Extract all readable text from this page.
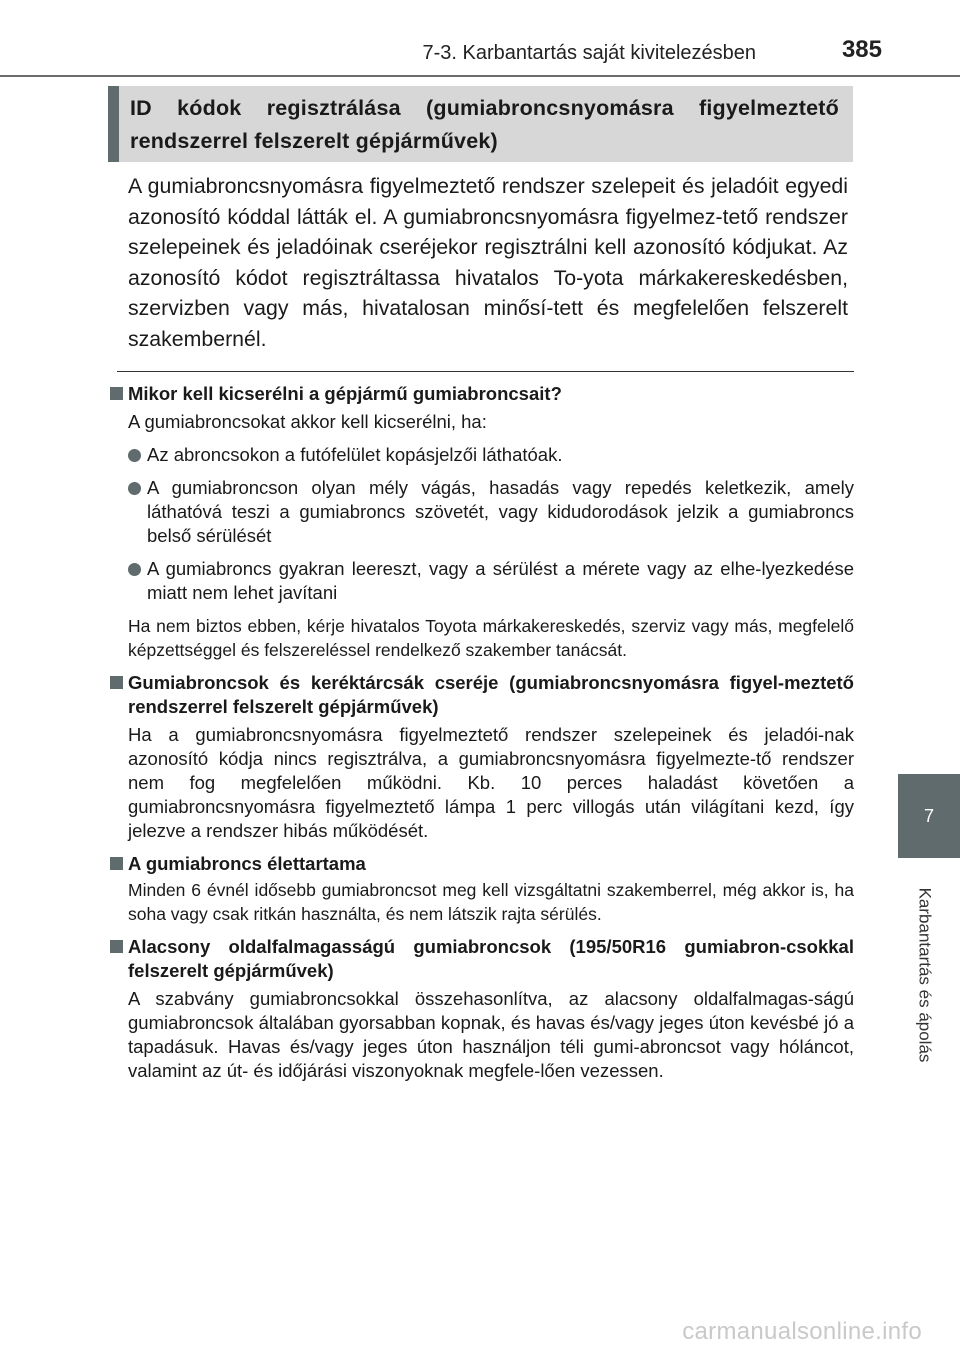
7-3. Karbantartás saját kivitelezésben	385
7
Karbantartás és ápolás

ID kódok regisztrálása (gumiabroncsnyomásra figyelmeztető rendszerrel felszerelt gépjárművek)

A gumiabroncsnyomásra figyelmeztető rendszer szelepeit és jeladóit egyedi azonosító kóddal látták el. A gumiabroncsnyomásra figyelmez-tető rendszer szelepeinek és jeladóinak cseréjekor regisztrálni kell azonosító kódjukat. Az azonosító kódot regisztráltassa hivatalos To-yota márkakereskedésben, szervizben vagy más, hivatalosan minősí-tett és megfelelően felszerelt szakembernél.

Mikor kell kicserélni a gépjármű gumiabroncsait?
A gumiabroncsokat akkor kell kicserélni, ha:
Az abroncsokon a futófelület kopásjelzői láthatóak.
A gumiabroncson olyan mély vágás, hasadás vagy repedés keletkezik, amely láthatóvá teszi a gumiabroncs szövetét, vagy kidudorodások jelzik a gumiabroncs belső sérülését
A gumiabroncs gyakran leereszt, vagy a sérülést a mérete vagy az elhe-lyezkedése miatt nem lehet javítani
Ha nem biztos ebben, kérje hivatalos Toyota márkakereskedés, szerviz vagy más, megfelelő képzettséggel és felszereléssel rendelkező szakember tanácsát.
Gumiabroncsok és keréktárcsák cseréje (gumiabroncsnyomásra figyel-meztető rendszerrel felszerelt gépjárművek)
Ha a gumiabroncsnyomásra figyelmeztető rendszer szelepeinek és jeladói-nak azonosító kódja nincs regisztrálva, a gumiabroncsnyomásra figyelmezte-tő rendszer nem fog megfelelően működni. Kb. 10 perces haladást követően a gumiabroncsnyomásra figyelmeztető lámpa 1 perc villogás után világítani kezd, így jelezve a rendszer hibás működését.
A gumiabroncs élettartama
Minden 6 évnél idősebb gumiabroncsot meg kell vizsgáltatni szakemberrel, még akkor is, ha soha vagy csak ritkán használta, és nem látszik rajta sérülés.
Alacsony oldalfalmagasságú gumiabroncsok (195/50R16 gumiabron-csokkal felszerelt gépjárművek)
A szabvány gumiabroncsokkal összehasonlítva, az alacsony oldalfalmagas-ságú gumiabroncsok általában gyorsabban kopnak, és havas és/vagy jeges úton kevésbé jó a tapadásuk. Havas és/vagy jeges úton használjon téli gumi-abroncsot vagy hóláncot, valamint az út- és időjárási viszonyoknak megfele-lően vezessen.
carmanualsonline.info
